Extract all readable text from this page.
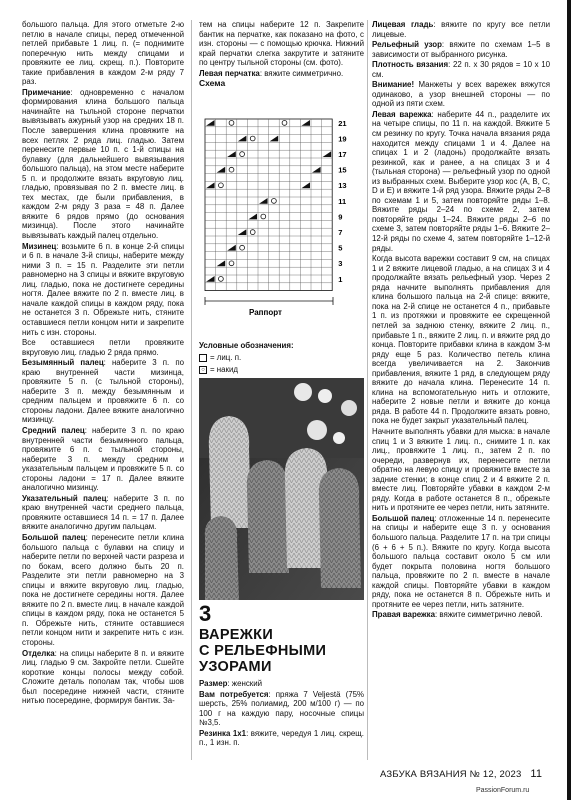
большого пальца. Для этого отметьте 2-ю петлю в начале спицы, перед отмеченной петлей прибавьте 1 лиц. п. (= поднимите поперечную нить между спицами и провяжите ее лиц. скрещ. п.). Повторите такие прибавления в каждом 2-м ряду 7 раз.

Примечание: одновременно с началом формирования клина большого пальца начинайте на тыльной стороне перчатки вывязывать ажурный узор на средних 18 п. После завершения клина провяжите на всех петлях 2 ряда лиц. гладью. Затем перенесите первые 10 п. с 1-й спицы на булавку (для дальнейшего вывязывания большого пальца), на этом месте наберите 5 п. и продолжите вязать вкруговую лиц. гладью, провязывая по 2 п. вместе лиц. в тех местах, где были прибавления, в каждом 2-м ряду 3 раза = 48 п. Далее вяжите 6 рядов прямо (до основания мизинца). После этого начинайте вывязывать каждый палец отдельно.

Мизинец: возьмите 6 п. в конце 2-й спицы и 6 п. в начале 3-й спицы, наберите между ними 3 п. = 15 п. Разделите эти петли равномерно на 3 спицы и вяжите вкруговую лиц. гладью, пока не достигнете середины ногтя. Далее вяжите по 2 п. вместе лиц. в начале каждой спицы в каждом ряду, пока не останется 3 п. Обрежьте нить, стяните оставшиеся петли концом нити и закрепите нить с изн. стороны.

Все оставшиеся петли провяжите вкруговую лиц. гладью 2 ряда прямо.

Безымянный палец: наберите 3 п. по краю внутренней части мизинца, провяжите 5 п. (с тыльной стороны), наберите 3 п. между безымянным и средним пальцем и провяжите 6 п. со стороны ладони. Далее вяжите аналогично мизинцу.

Средний палец: наберите 3 п. по краю внутренней части безымянного пальца, провяжите 6 п. с тыльной стороны, наберите 3 п. между средним и указательным пальцем и провяжите 5 п. со стороны ладони = 17 п. Далее вяжите аналогично мизинцу.

Указательный палец: наберите 3 п. по краю внутренней части среднего пальца, провяжите оставшиеся 14 п. = 17 п. Далее вяжите аналогично другим пальцам.

Большой палец: перенесите петли клина большого пальца с булавки на спицу и наберите петли по верхней части разреза и по бокам, всего должно быть 20 п. Разделите эти петли равномерно на 3 спицы и вяжите вкруговую лиц. гладью, пока не достигнете середины ногтя. Далее вяжите по 2 п. вместе лиц. в начале каждой спицы в каждом ряду, пока не останется 5 п. Обрежьте нить, стяните оставшиеся петли концом нити и закрепите нить с изн. стороны.

Отделка: на спицы наберите 8 п. и вяжите лиц. гладью 9 см. Закройте петли. Сшейте короткие концы полосы между собой. Сложите деталь пополам так, чтобы шов был посередине нижней части, стяните нитью посередине, формируя бантик. За-

тем на спицы наберите 12 п. Закрепите бантик на перчатке, как показано на фото, с изн. стороны — с помощью крючка. Нижний край перчатки слегка закрутите и затяните по центру тыльной стороны (см. фото).

Левая перчатка: вяжите симметрично.

Схема
21
19
17
15
13
11
9
7
5
3
1
Раппорт
Условные обозначения:
= лиц. п.
○ = накид
3
ВАРЕЖКИ
С РЕЛЬЕФНЫМИ
УЗОРАМИ

Размер: женский

Вам потребуется: пряжа 7 Veljestä (75% шерсть, 25% полиамид, 200 м/100 г) — по 100 г на каждую пару, носочные спицы №3,5.

Резинка 1x1: вяжите, чередуя 1 лиц. скрещ. п., 1 изн. п.

Лицевая гладь: вяжите по кругу все петли лицевые.

Рельефный узор: вяжите по схемам 1–5 в зависимости от выбранного рисунка.

Плотность вязания: 22 п. x 30 рядов = 10 x 10 см.

Внимание! Манжеты у всех варежек вяжутся одинаково, а узор внешней стороны — по одной из пяти схем.

Левая варежка: наберите 44 п., разделите их на четыре спицы, по 11 п. на каждой. Вяжите 5 см резинку по кругу. Точка начала вязания ряда находится между спицами 1 и 4. Далее на спицах 1 и 2 (ладонь) продолжайте вязать резинкой, как и ранее, а на спицах 3 и 4 (тыльная сторона) — рельефный узор по одной из выбранных схем. Выберите узор кос (A, B, C, D и E) и вяжите 1-й ряд узора. Вяжите ряды 2–8 по схемам 1 и 5, затем повторяйте ряды 1–8. Вяжите ряды 2–24 по схеме 2, затем повторяйте ряды 1–24. Вяжите ряды 2–6 по схеме 3, затем повторяйте ряды 1–6. Вяжите 2–12-й ряды по схеме 4, затем повторяйте 1–12-й ряды.

Когда высота варежки составит 9 см, на спицах 1 и 2 вяжите лицевой гладью, а на спицах 3 и 4 продолжайте вязать рельефный узор. Через 2 ряда начните выполнять прибавления для клина большого пальца на 2-й спице: вяжите, пока на 2-й спице не останется 4 п., прибавьте 1 п. из протяжки и провяжите ее скрещенной петлей за заднюю стенку, вяжите 2 лиц. п., прибавьте 1 п., вяжите 2 лиц. п. и вяжите ряд до конца. Повторите прибавки клина в каждом 3-м ряду еще 5 раз. Количество петель клина всегда увеличивается на 2. Закончив прибавления, вяжите 1 ряд, в следующем ряду вяжите до начала клина. Перенесите 14 п. клина на вспомогательную нить и отложите, наберите 2 новые петли и вяжите до конца ряда. В работе 44 п. Продолжите вязать ровно, пока не будет закрыт указательный палец.

Начните выполнять убавки для мыска: в начале спиц 1 и 3 вяжите 1 лиц. п., снимите 1 п. как лиц., провяжите 1 лиц. п., затем 2 п. по очереди, развернув их, перенесите петли обратно на левую спицу и провяжите вместе за задние стенки; в конце спиц 2 и 4 вяжите 2 п. вместе лиц. Повторяйте убавки в каждом 2-м ряду. Когда в работе останется 8 п., обрежьте нить и протяните ее через петли, нить затяните.

Большой палец: отложенные 14 п. перенесите на спицы и наберите еще 3 п. у основания большого пальца. Разделите 17 п. на три спицы (6 + 6 + 5 п.). Вяжите по кругу. Когда высота большого пальца составит около 5 см или будет покрыта половина ногтя большого пальца, провяжите по 2 п. вместе в начале каждой спицы. Повторяйте убавки в каждом ряду, пока не останется 8 п. Обрежьте нить и протяните ее через петли, нить затяните.

Правая варежка: вяжите симметрично левой.

АЗБУКА ВЯЗАНИЯ № 12, 2023 11
PassionForum.ru
